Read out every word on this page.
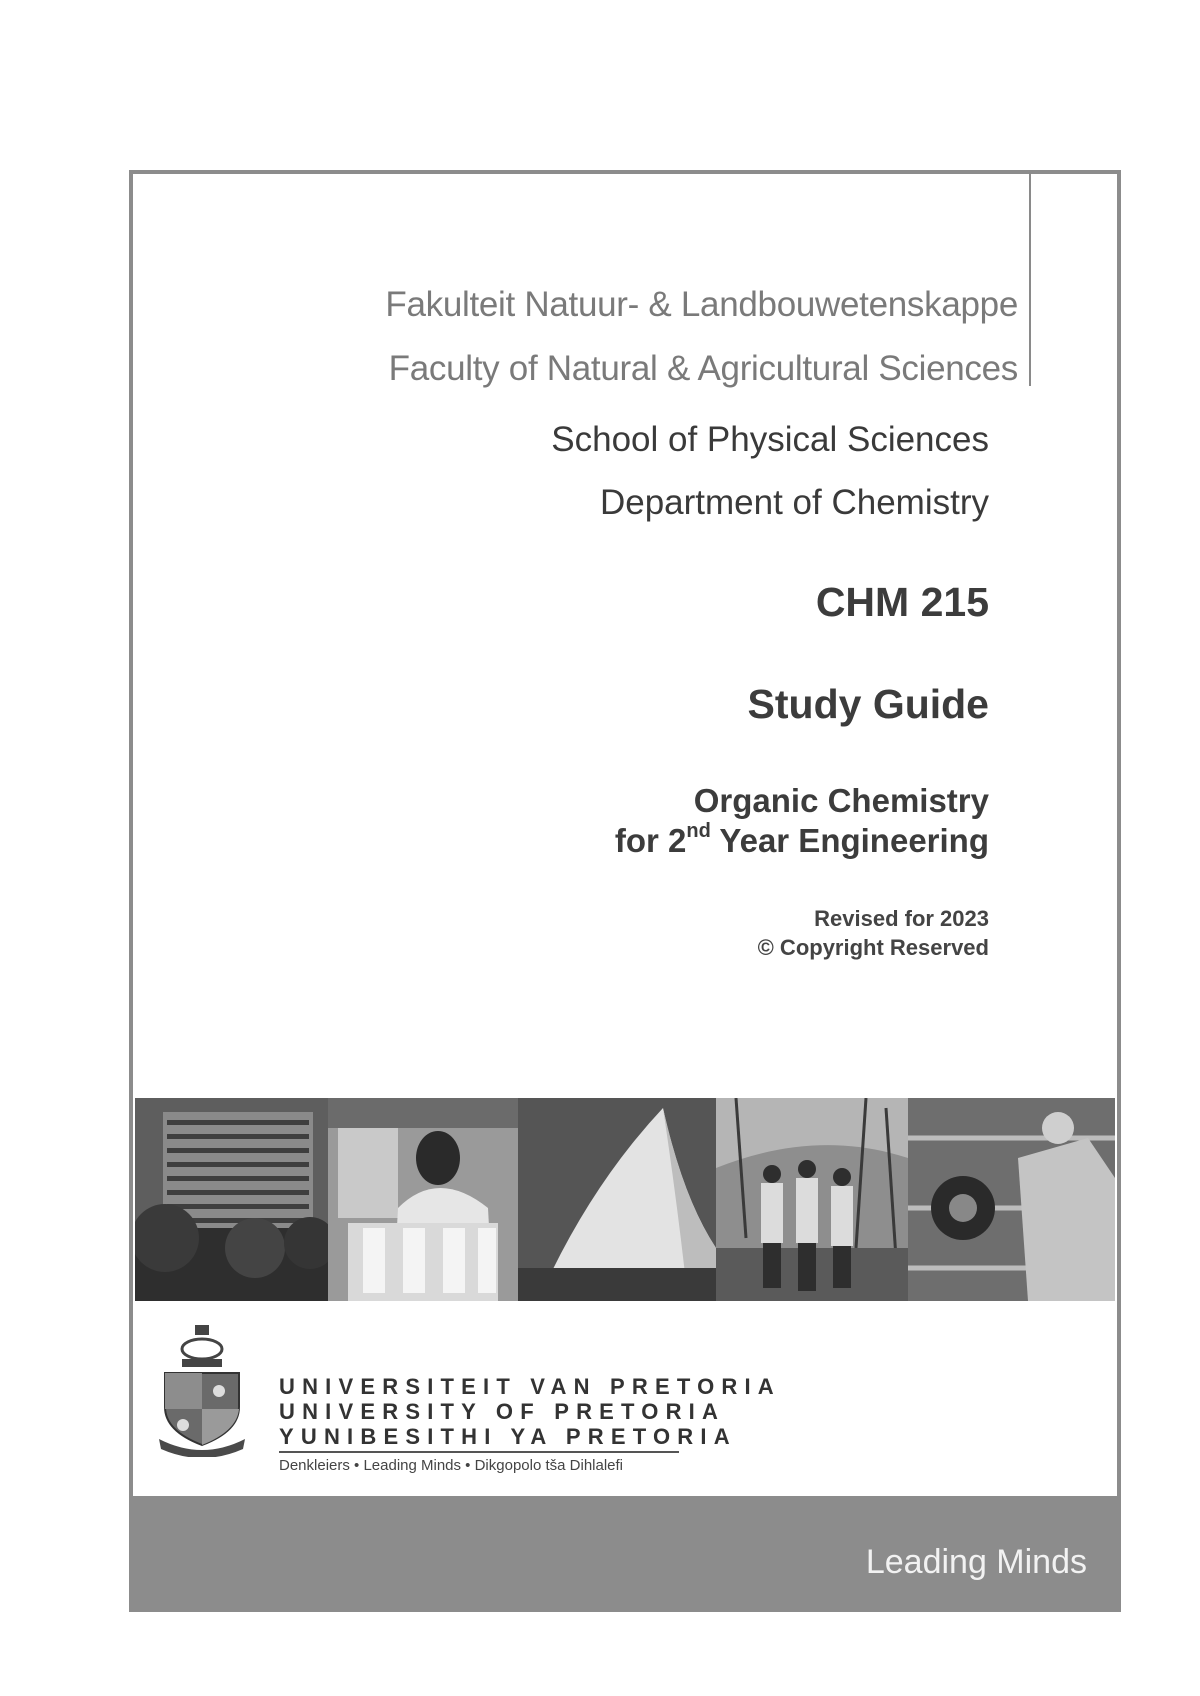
Fakulteit Natuur- & Landbouwetenskappe
Faculty of Natural & Agricultural Sciences
School of Physical Sciences
Department of Chemistry
CHM 215
Study Guide
Organic Chemistry
for 2nd Year Engineering
Revised for 2023
© Copyright Reserved
UNIVERSITEIT VAN PRETORIA
UNIVERSITY OF PRETORIA
YUNIBESITHI YA PRETORIA
Denkleiers • Leading Minds • Dikgopolo tša Dihlalefi
Leading Minds
